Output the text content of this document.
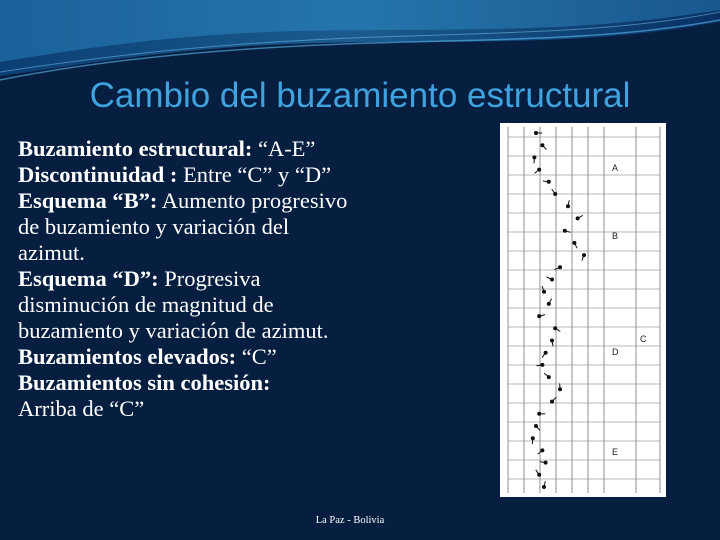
Cambio del buzamiento estructural
Buzamiento estructural: “A-E”
Discontinuidad : Entre “C” y “D”
Esquema “B”: Aumento progresivo
de buzamiento y variación del
azimut.
Esquema “D”: Progresiva
disminución de magnitud de
buzamiento y variación de azimut.
Buzamientos elevados: “C”
Buzamientos sin cohesión:
Arriba de “C”
A
B
C
D
E
La Paz - Bolivia
